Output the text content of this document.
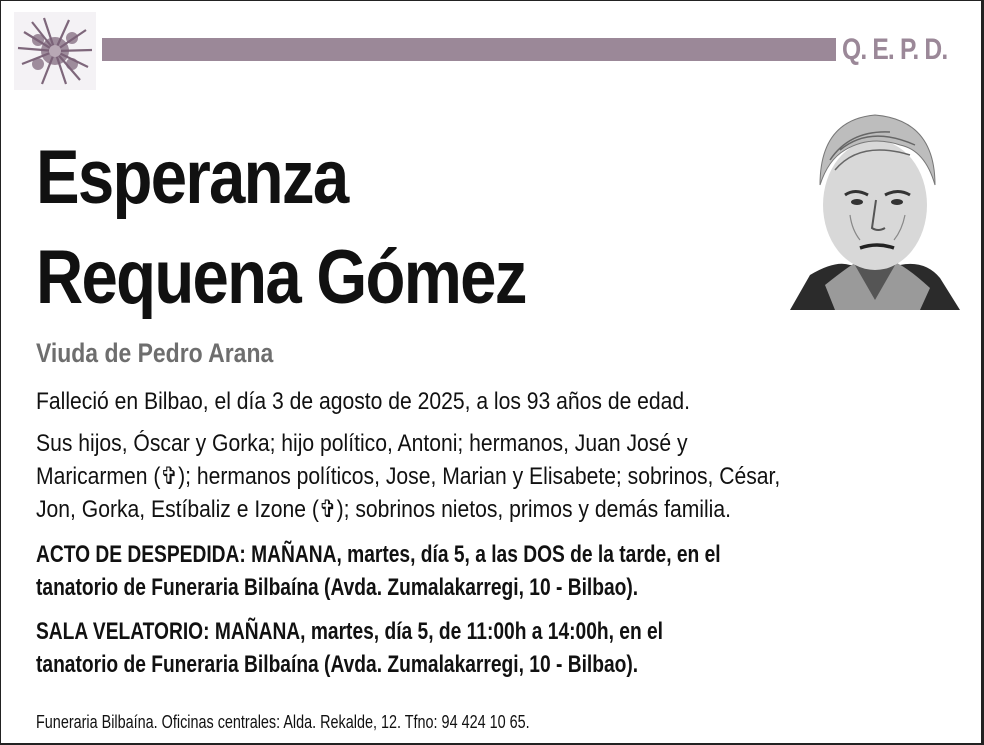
Q. E. P. D.
Esperanza
Requena Gómez
Viuda de Pedro Arana
Falleció en Bilbao, el día 3 de agosto de 2025, a los 93 años de edad.
Sus hijos, Óscar y Gorka; hijo político, Antoni; hermanos, Juan José y
Maricarmen (✞); hermanos políticos, Jose, Marian y Elisabete; sobrinos, César,
Jon, Gorka, Estíbaliz e Izone (✞); sobrinos nietos, primos y demás familia.
ACTO DE DESPEDIDA: MAÑANA, martes, día 5, a las DOS de la tarde, en el
tanatorio de Funeraria Bilbaína (Avda. Zumalakarregi, 10 - Bilbao).
SALA VELATORIO: MAÑANA, martes, día 5, de 11:00h a 14:00h, en el
tanatorio de Funeraria Bilbaína (Avda. Zumalakarregi, 10 - Bilbao).
Funeraria Bilbaína. Oficinas centrales: Alda. Rekalde, 12. Tfno: 94 424 10 65.
